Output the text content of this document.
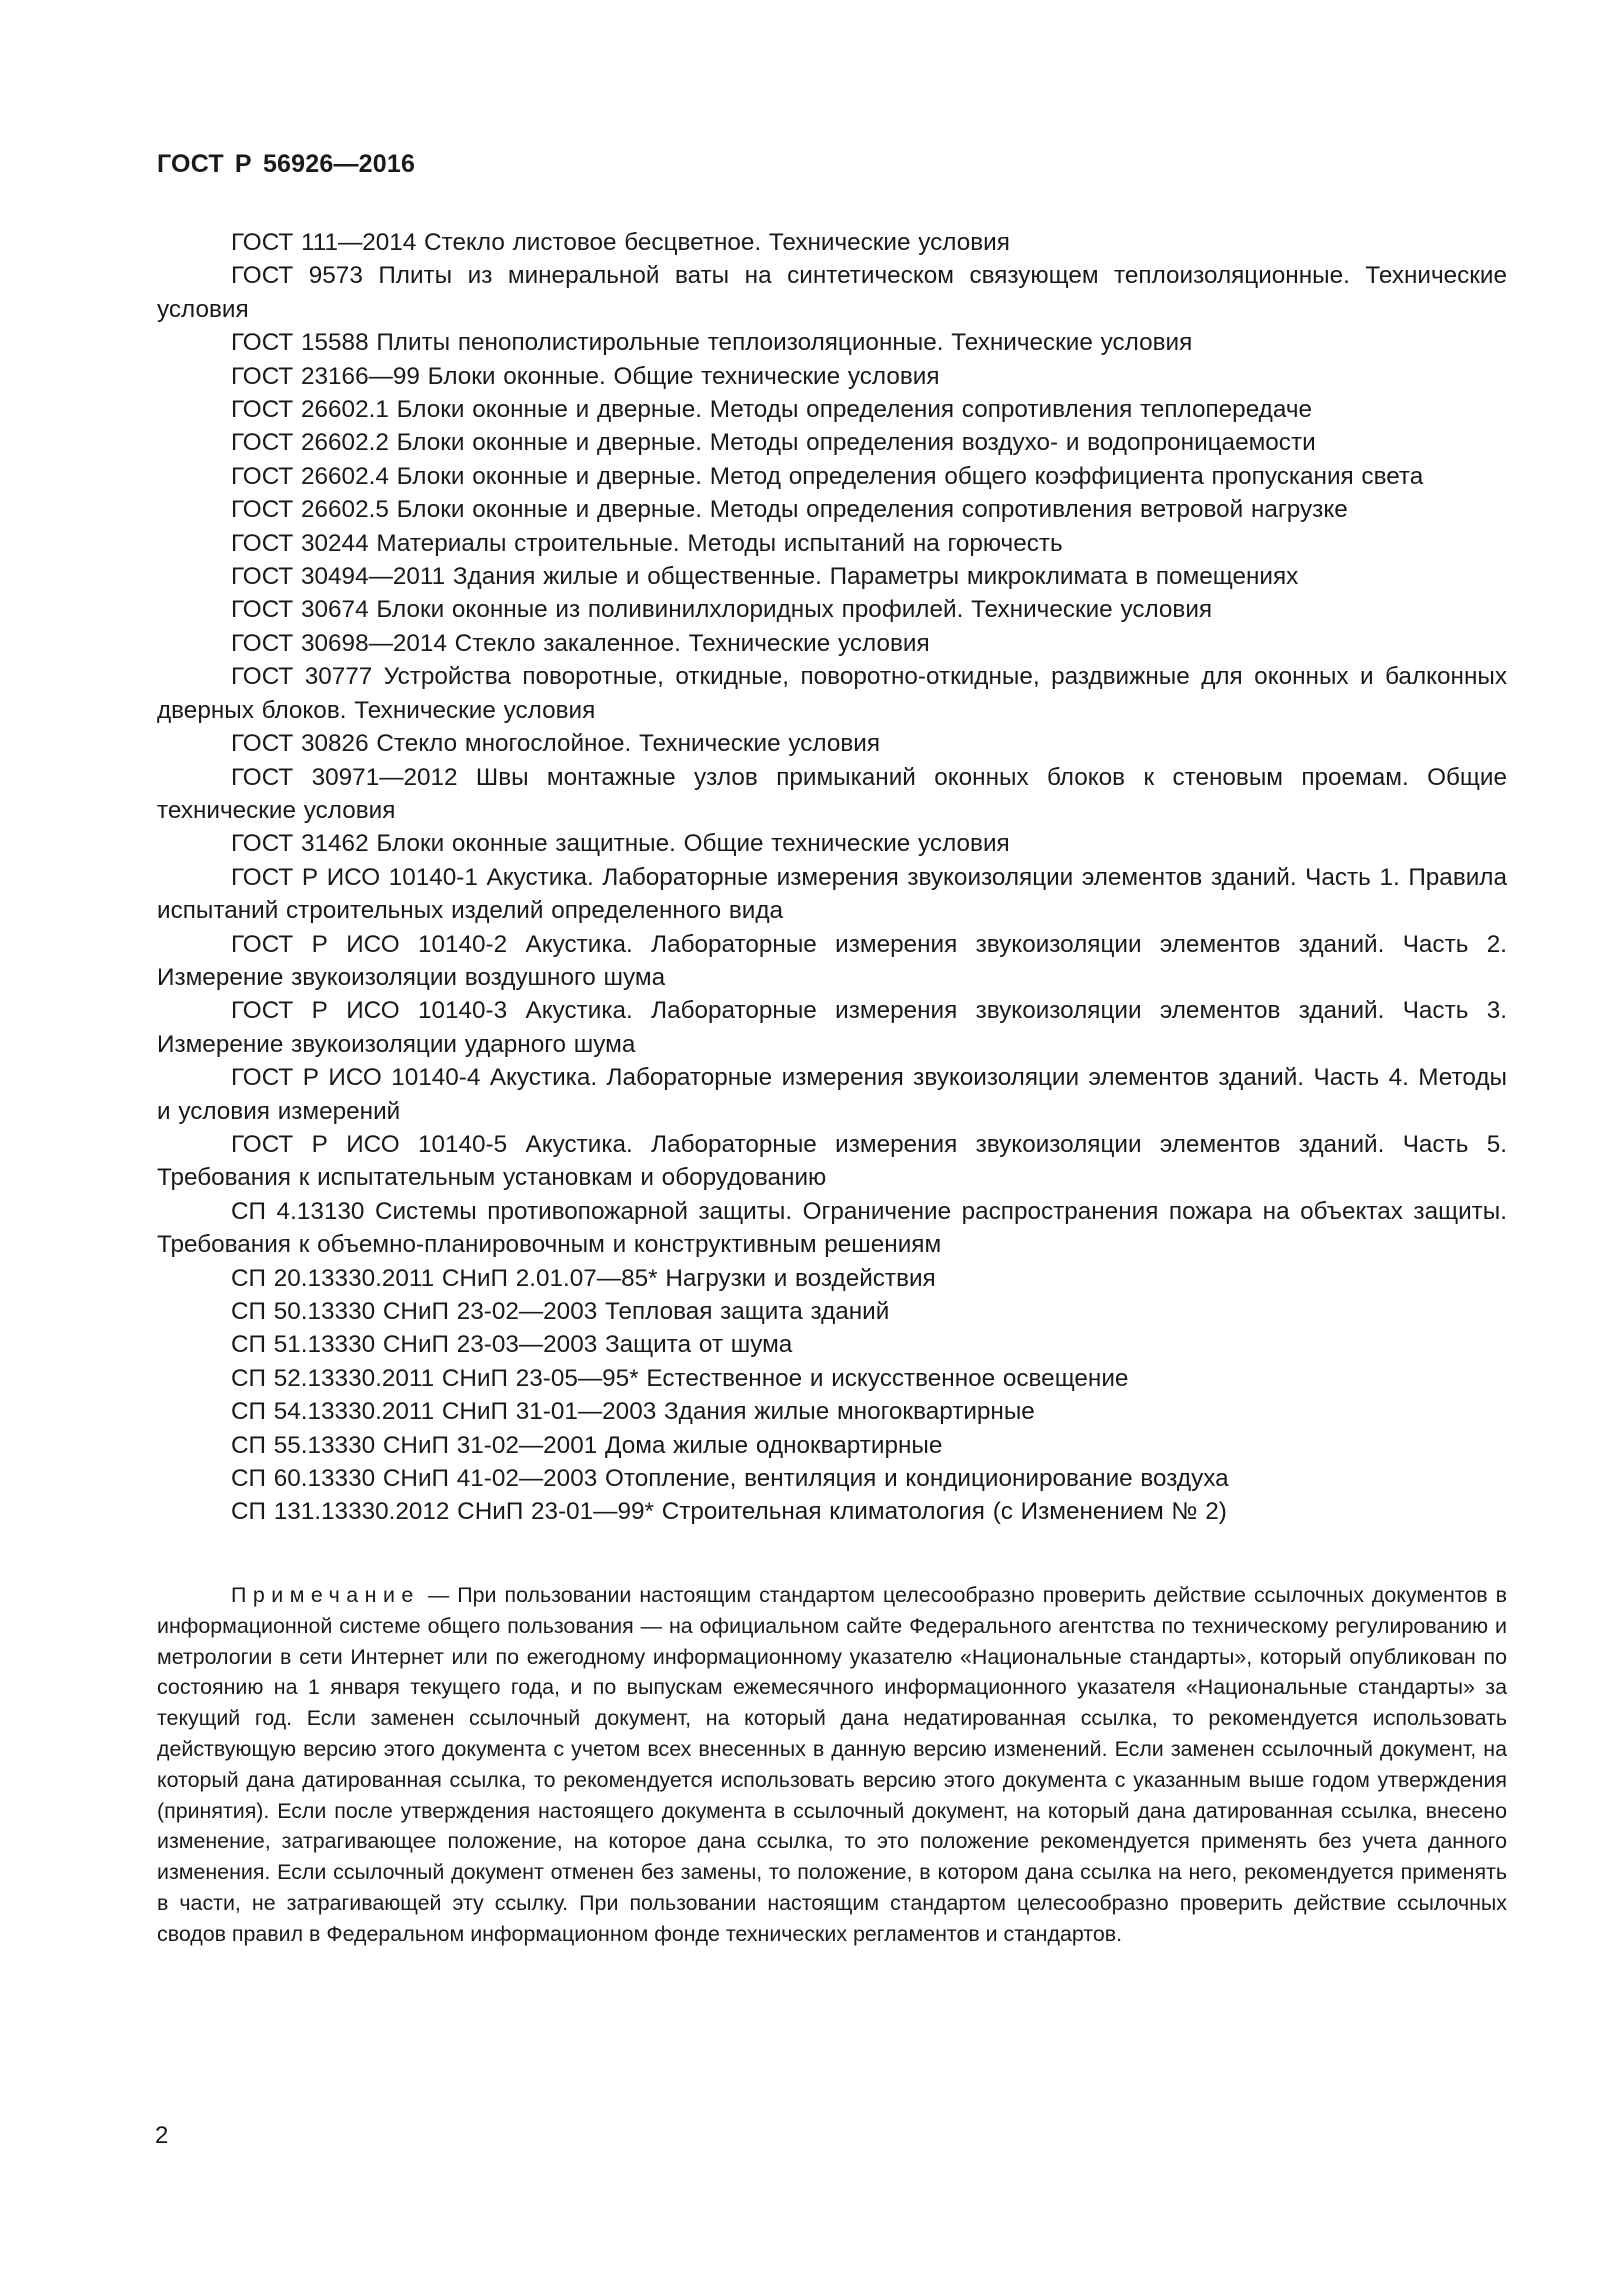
ГОСТ Р 56926—2016

ГОСТ 111—2014 Стекло листовое бесцветное. Технические условия

ГОСТ 9573 Плиты из минеральной ваты на синтетическом связующем теплоизоляционные. Технические условия

ГОСТ 15588 Плиты пенополистирольные теплоизоляционные. Технические условия

ГОСТ 23166—99 Блоки оконные. Общие технические условия

ГОСТ 26602.1 Блоки оконные и дверные. Методы определения сопротивления теплопередаче

ГОСТ 26602.2 Блоки оконные и дверные. Методы определения воздухо- и водопроницаемости

ГОСТ 26602.4 Блоки оконные и дверные. Метод определения общего коэффициента пропускания света

ГОСТ 26602.5 Блоки оконные и дверные. Методы определения сопротивления ветровой нагрузке

ГОСТ 30244 Материалы строительные. Методы испытаний на горючесть

ГОСТ 30494—2011 Здания жилые и общественные. Параметры микроклимата в помещениях

ГОСТ 30674 Блоки оконные из поливинилхлоридных профилей. Технические условия

ГОСТ 30698—2014 Стекло закаленное. Технические условия

ГОСТ 30777 Устройства поворотные, откидные, поворотно-откидные, раздвижные для оконных и балконных дверных блоков. Технические условия

ГОСТ 30826 Стекло многослойное. Технические условия

ГОСТ 30971—2012 Швы монтажные узлов примыканий оконных блоков к стеновым проемам. Общие технические условия

ГОСТ 31462 Блоки оконные защитные. Общие технические условия

ГОСТ Р ИСО 10140-1 Акустика. Лабораторные измерения звукоизоляции элементов зданий. Часть 1. Правила испытаний строительных изделий определенного вида

ГОСТ Р ИСО 10140-2 Акустика. Лабораторные измерения звукоизоляции элементов зданий. Часть 2. Измерение звукоизоляции воздушного шума

ГОСТ Р ИСО 10140-3 Акустика. Лабораторные измерения звукоизоляции элементов зданий. Часть 3. Измерение звукоизоляции ударного шума

ГОСТ Р ИСО 10140-4 Акустика. Лабораторные измерения звукоизоляции элементов зданий. Часть 4. Методы и условия измерений

ГОСТ Р ИСО 10140-5 Акустика. Лабораторные измерения звукоизоляции элементов зданий. Часть 5. Требования к испытательным установкам и оборудованию

СП 4.13130 Системы противопожарной защиты. Ограничение распространения пожара на объектах защиты. Требования к объемно-планировочным и конструктивным решениям

СП 20.13330.2011 СНиП 2.01.07—85* Нагрузки и воздействия

СП 50.13330 СНиП 23-02—2003 Тепловая защита зданий

СП 51.13330 СНиП 23-03—2003 Защита от шума

СП 52.13330.2011 СНиП 23-05—95* Естественное и искусственное освещение

СП 54.13330.2011 СНиП 31-01—2003 Здания жилые многоквартирные

СП 55.13330 СНиП 31-02—2001 Дома жилые одноквартирные

СП 60.13330 СНиП 41-02—2003 Отопление, вентиляция и кондиционирование воздуха

СП 131.13330.2012 СНиП 23-01—99* Строительная климатология (с Изменением № 2)

Примечание — При пользовании настоящим стандартом целесообразно проверить действие ссылочных документов в информационной системе общего пользования — на официальном сайте Федерального агентства по техническому регулированию и метрологии в сети Интернет или по ежегодному информационному указателю «Национальные стандарты», который опубликован по состоянию на 1 января текущего года, и по выпускам ежемесячного информационного указателя «Национальные стандарты» за текущий год. Если заменен ссылочный документ, на который дана недатированная ссылка, то рекомендуется использовать действующую версию этого документа с учетом всех внесенных в данную версию изменений. Если заменен ссылочный документ, на который дана датированная ссылка, то рекомендуется использовать версию этого документа с указанным выше годом утверждения (принятия). Если после утверждения настоящего документа в ссылочный документ, на который дана датированная ссылка, внесено изменение, затрагивающее положение, на которое дана ссылка, то это положение рекомендуется применять без учета данного изменения. Если ссылочный документ отменен без замены, то положение, в котором дана ссылка на него, рекомендуется применять в части, не затрагивающей эту ссылку. При пользовании настоящим стандартом целесообразно проверить действие ссылочных сводов правил в Федеральном информационном фонде технических регламентов и стандартов.

2
